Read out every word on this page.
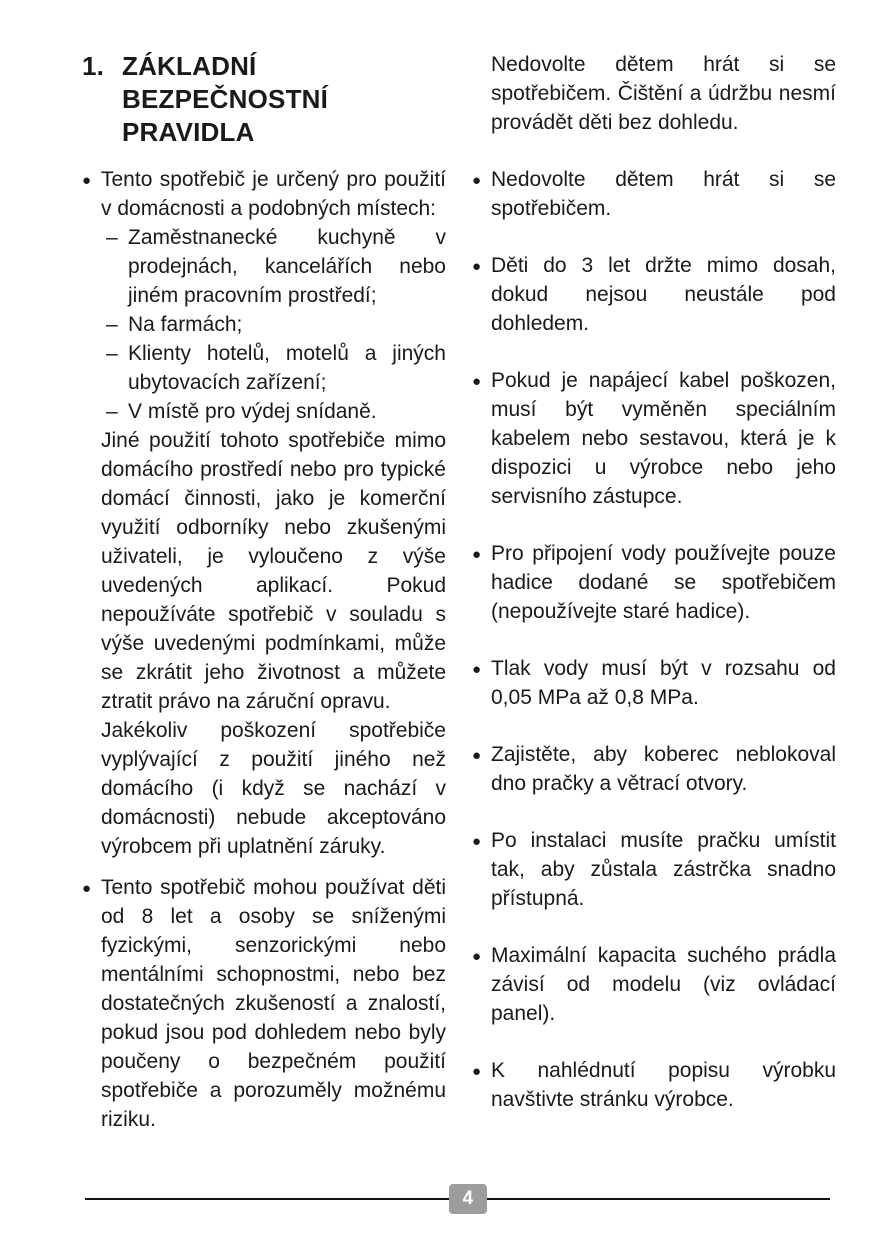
1. ZÁKLADNÍ
BEZPEČNOSTNÍ
PRAVIDLA
● Tento spotřebič je určený pro použití v domácnosti a podobných místech:

– Zaměstnanecké kuchyně v prodejnách, kancelářích nebo jiném pracovním prostředí;

– Na farmách;

– Klienty hotelů, motelů a jiných ubytovacích zařízení;

– V místě pro výdej snídaně.

Jiné použití tohoto spotřebiče mimo domácího prostředí nebo pro typické domácí činnosti, jako je komerční využití odborníky nebo zkušenými uživateli, je vyloučeno z výše uvedených aplikací. Pokud nepoužíváte spotřebič v souladu s výše uvedenými podmínkami, může se zkrátit jeho životnost a můžete ztratit právo na záruční opravu.

Jakékoliv poškození spotřebiče vyplývající z použití jiného než domácího (i když se nachází v domácnosti) nebude akceptováno výrobcem při uplatnění záruky.

● Tento spotřebič mohou používat děti od 8 let a osoby se sníženými fyzickými, senzorickými nebo mentálními schopnostmi, nebo bez dostatečných zkušeností a znalostí, pokud jsou pod dohledem nebo byly poučeny o bezpečném použití spotřebiče a porozuměly možnému riziku.

Nedovolte dětem hrát si se spotřebičem. Čištění a údržbu nesmí provádět děti bez dohledu.

● Nedovolte dětem hrát si se spotřebičem.

● Děti do 3 let držte mimo dosah, dokud nejsou neustále pod dohledem.

● Pokud je napájecí kabel poškozen, musí být vyměněn speciálním kabelem nebo sestavou, která je k dispozici u výrobce nebo jeho servisního zástupce.

● Pro připojení vody používejte pouze hadice dodané se spotřebičem (nepoužívejte staré hadice).

● Tlak vody musí být v rozsahu od 0,05 MPa až 0,8 MPa.

● Zajistěte, aby koberec neblokoval dno pračky a větrací otvory.

● Po instalaci musíte pračku umístit tak, aby zůstala zástrčka snadno přístupná.

● Maximální kapacita suchého prádla závisí od modelu (viz ovládací panel).

● K nahlédnutí popisu výrobku navštivte stránku výrobce.

4
